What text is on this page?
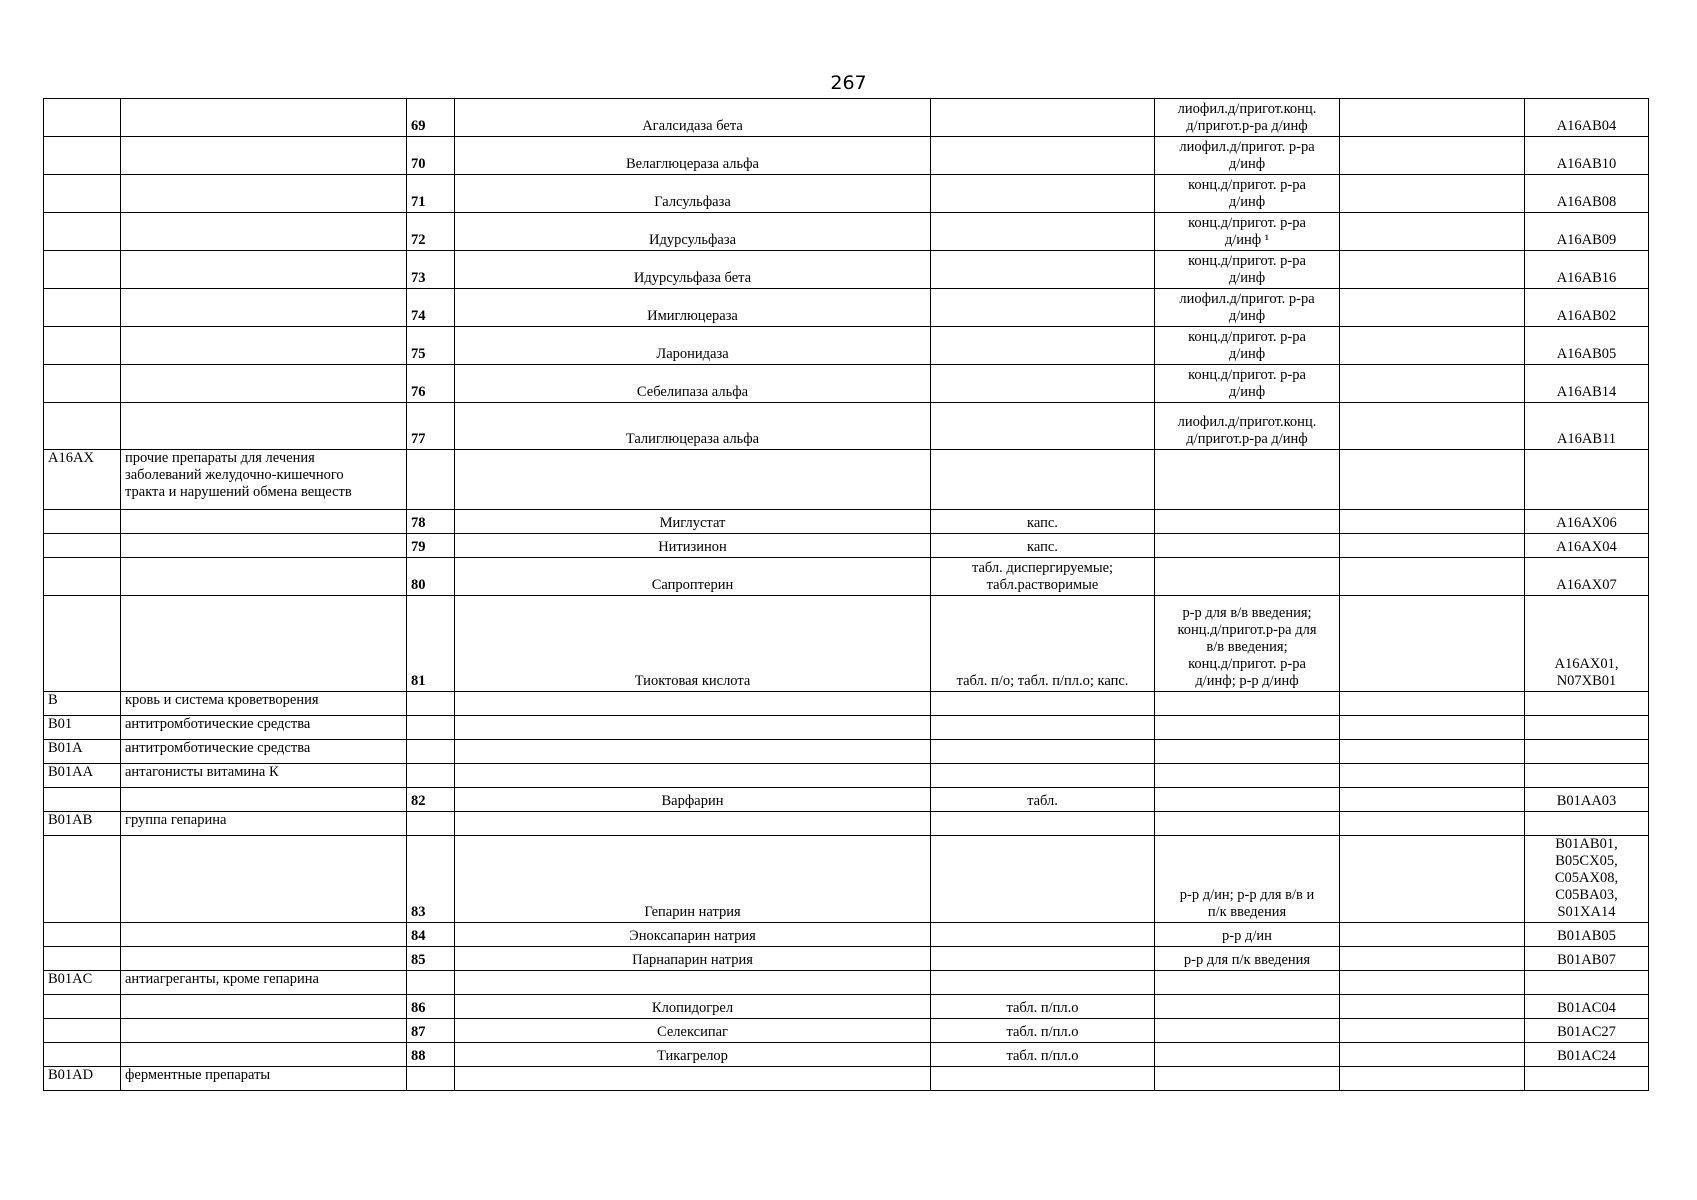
267
		69	Агалсидаза бета		лиофил.д/пригот.конц.
д/пригот.р-ра д/инф		A16AB04
		70	Велаглюцераза альфа		лиофил.д/пригот. р-ра
д/инф		A16AB10
		71	Галсульфаза		конц.д/пригот. р-ра
д/инф		A16AB08
		72	Идурсульфаза		конц.д/пригот. р-ра
д/инф ¹		A16AB09
		73	Идурсульфаза бета		конц.д/пригот. р-ра
д/инф		A16AB16
		74	Имиглюцераза		лиофил.д/пригот. р-ра
д/инф		A16AB02
		75	Ларонидаза		конц.д/пригот. р-ра
д/инф		A16AB05
		76	Себелипаза альфа		конц.д/пригот. р-ра
д/инф		A16AB14
		77	Талиглюцераза альфа		лиофил.д/пригот.конц.
д/пригот.р-ра д/инф		A16AB11
A16AX	прочие препараты для лечения
заболеваний желудочно-кишечного
тракта и нарушений обмена веществ						
		78	Миглустат	капс.			A16AX06
		79	Нитизинон	капс.			A16AX04
		80	Сапроптерин	табл. диспергируемые;
табл.растворимые			A16AX07
		81	Тиоктовая кислота	табл. п/о; табл. п/пл.о; капс.	р-р для в/в введения;
конц.д/пригот.р-ра для
в/в введения;
конц.д/пригот. р-ра
д/инф; р-р д/инф		A16AX01,
N07XB01
B	кровь и система кроветворения						
B01	антитромботические средства						
B01A	антитромботические средства						
B01AA	антагонисты витамина К						
		82	Варфарин	табл.			B01AA03
B01AB	группа гепарина						
		83	Гепарин натрия		р-р д/ин; р-р для в/в и
п/к введения		B01AB01,
B05CX05,
C05AX08,
C05BA03, S01XA14
		84	Эноксапарин натрия		р-р д/ин		B01AB05
		85	Парнапарин натрия		р-р для п/к введения		B01AB07
B01AC	антиагреганты, кроме гепарина						
		86	Клопидогрел	табл. п/пл.о			B01AC04
		87	Селексипаг	табл. п/пл.о			B01AC27
		88	Тикагрелор	табл. п/пл.о			B01AC24
B01AD	ферментные препараты						
